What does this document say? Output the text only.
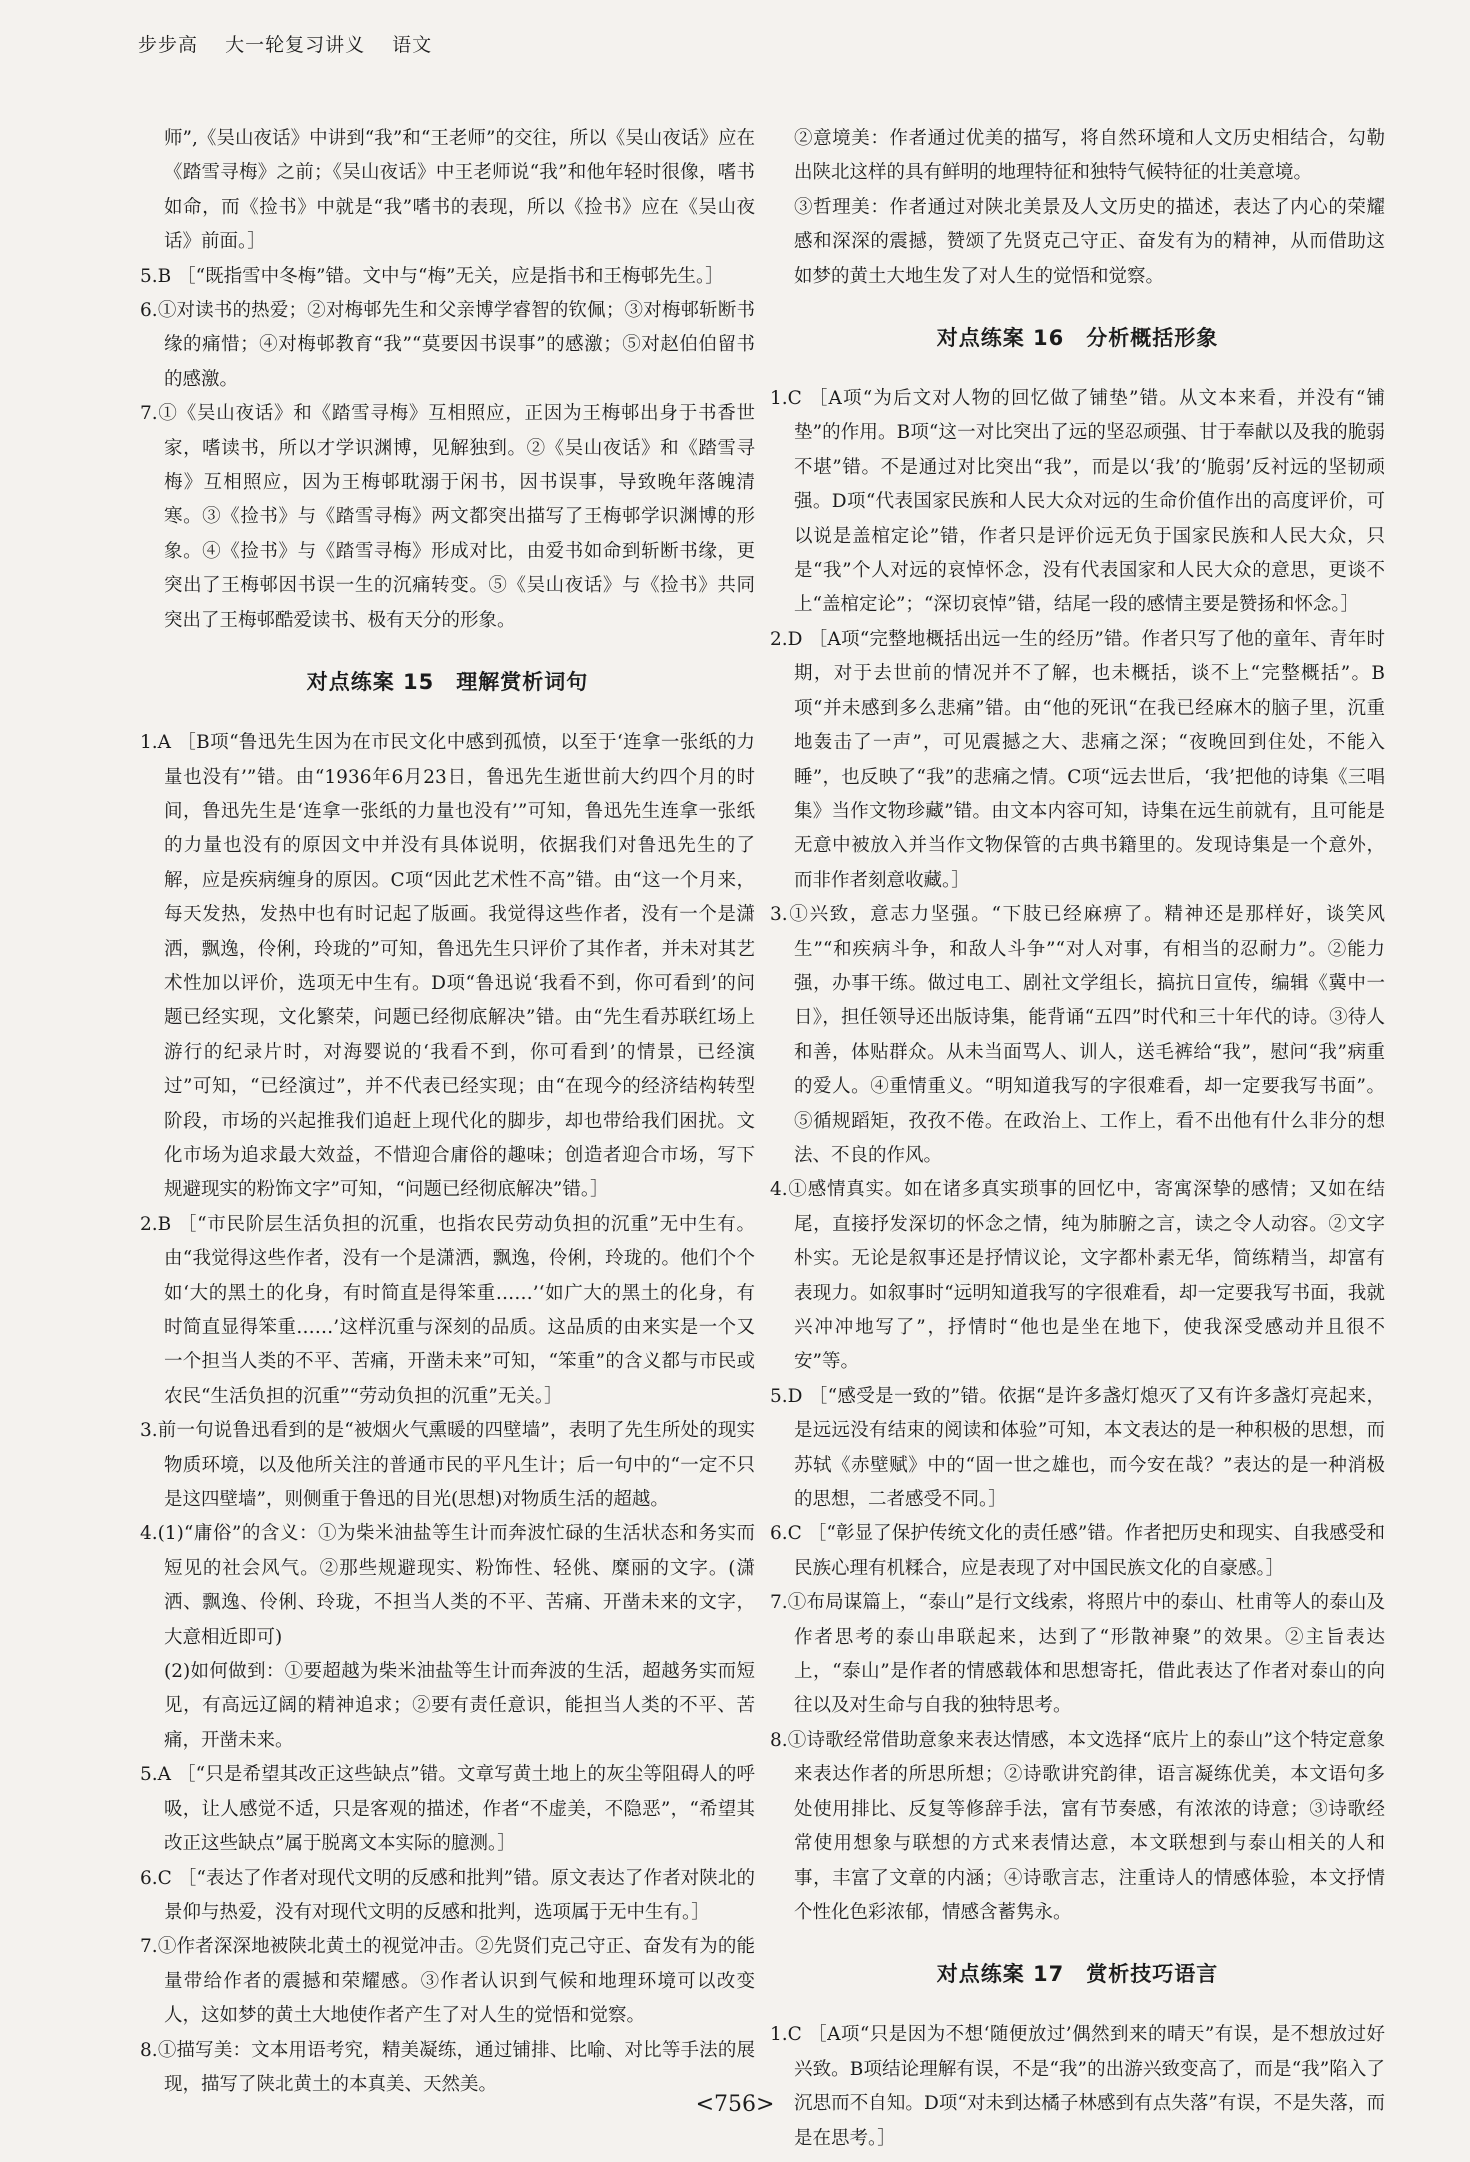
步步高 大一轮复习讲义 语文

师”,《吴山夜话》中讲到“我”和“王老师”的交往，所以《吴山夜话》应在《踏雪寻梅》之前；《吴山夜话》中王老师说“我”和他年轻时很像，嗜书如命，而《捡书》中就是“我”嗜书的表现，所以《捡书》应在《吴山夜话》前面。］

5.B ［“既指雪中冬梅”错。文中与“梅”无关，应是指书和王梅邨先生。］

6.①对读书的热爱；②对梅邨先生和父亲博学睿智的钦佩；③对梅邨斩断书缘的痛惜；④对梅邨教育“我”“莫要因书误事”的感激；⑤对赵伯伯留书的感激。

7.①《吴山夜话》和《踏雪寻梅》互相照应，正因为王梅邨出身于书香世家，嗜读书，所以才学识渊博，见解独到。②《吴山夜话》和《踏雪寻梅》互相照应，因为王梅邨耽溺于闲书，因书误事，导致晚年落魄清寒。③《捡书》与《踏雪寻梅》两文都突出描写了王梅邨学识渊博的形象。④《捡书》与《踏雪寻梅》形成对比，由爱书如命到斩断书缘，更突出了王梅邨因书误一生的沉痛转变。⑤《吴山夜话》与《捡书》共同突出了王梅邨酷爱读书、极有天分的形象。

对点练案 15　理解赏析词句

1.A ［B项“鲁迅先生因为在市民文化中感到孤愤，以至于‘连拿一张纸的力量也没有’”错。由“1936年6月23日，鲁迅先生逝世前大约四个月的时间，鲁迅先生是‘连拿一张纸的力量也没有’”可知，鲁迅先生连拿一张纸的力量也没有的原因文中并没有具体说明，依据我们对鲁迅先生的了解，应是疾病缠身的原因。C项“因此艺术性不高”错。由“这一个月来，每天发热，发热中也有时记起了版画。我觉得这些作者，没有一个是潇洒，飘逸，伶俐，玲珑的”可知，鲁迅先生只评价了其作者，并未对其艺术性加以评价，选项无中生有。D项“鲁迅说‘我看不到，你可看到’的问题已经实现，文化繁荣，问题已经彻底解决”错。由“先生看苏联红场上游行的纪录片时，对海婴说的‘我看不到，你可看到’的情景，已经演过”可知，“已经演过”，并不代表已经实现；由“在现今的经济结构转型阶段，市场的兴起推我们追赶上现代化的脚步，却也带给我们困扰。文化市场为追求最大效益，不惜迎合庸俗的趣味；创造者迎合市场，写下规避现实的粉饰文字”可知，“问题已经彻底解决”错。］

2.B ［“市民阶层生活负担的沉重，也指农民劳动负担的沉重”无中生有。由“我觉得这些作者，没有一个是潇洒，飘逸，伶俐，玲珑的。他们个个如‘大的黑土的化身，有时简直是得笨重……’‘如广大的黑土的化身，有时简直显得笨重……’这样沉重与深刻的品质。这品质的由来实是一个又一个担当人类的不平、苦痛，开凿未来”可知，“笨重”的含义都与市民或农民“生活负担的沉重”“劳动负担的沉重”无关。］

3.前一句说鲁迅看到的是“被烟火气熏暖的四壁墙”，表明了先生所处的现实物质环境，以及他所关注的普通市民的平凡生计；后一句中的“一定不只是这四壁墙”，则侧重于鲁迅的目光(思想)对物质生活的超越。

4.(1)“庸俗”的含义：①为柴米油盐等生计而奔波忙碌的生活状态和务实而短见的社会风气。②那些规避现实、粉饰性、轻佻、糜丽的文字。(潇洒、飘逸、伶俐、玲珑，不担当人类的不平、苦痛、开凿未来的文字，大意相近即可)

(2)如何做到：①要超越为柴米油盐等生计而奔波的生活，超越务实而短见，有高远辽阔的精神追求；②要有责任意识，能担当人类的不平、苦痛，开凿未来。

5.A ［“只是希望其改正这些缺点”错。文章写黄土地上的灰尘等阻碍人的呼吸，让人感觉不适，只是客观的描述，作者“不虚美，不隐恶”，“希望其改正这些缺点”属于脱离文本实际的臆测。］

6.C ［“表达了作者对现代文明的反感和批判”错。原文表达了作者对陕北的景仰与热爱，没有对现代文明的反感和批判，选项属于无中生有。］

7.①作者深深地被陕北黄土的视觉冲击。②先贤们克己守正、奋发有为的能量带给作者的震撼和荣耀感。③作者认识到气候和地理环境可以改变人，这如梦的黄土大地使作者产生了对人生的觉悟和觉察。

8.①描写美：文本用语考究，精美凝练，通过铺排、比喻、对比等手法的展现，描写了陕北黄土的本真美、天然美。

②意境美：作者通过优美的描写，将自然环境和人文历史相结合，勾勒出陕北这样的具有鲜明的地理特征和独特气候特征的壮美意境。

③哲理美：作者通过对陕北美景及人文历史的描述，表达了内心的荣耀感和深深的震撼，赞颂了先贤克己守正、奋发有为的精神，从而借助这如梦的黄土大地生发了对人生的觉悟和觉察。

对点练案 16　分析概括形象

1.C ［A项“为后文对人物的回忆做了铺垫”错。从文本来看，并没有“铺垫”的作用。B项“这一对比突出了远的坚忍顽强、甘于奉献以及我的脆弱不堪”错。不是通过对比突出“我”，而是以‘我’的‘脆弱’反衬远的坚韧顽强。D项“代表国家民族和人民大众对远的生命价值作出的高度评价，可以说是盖棺定论”错，作者只是评价远无负于国家民族和人民大众，只是“我”个人对远的哀悼怀念，没有代表国家和人民大众的意思，更谈不上“盖棺定论”；“深切哀悼”错，结尾一段的感情主要是赞扬和怀念。］

2.D ［A项“完整地概括出远一生的经历”错。作者只写了他的童年、青年时期，对于去世前的情况并不了解，也未概括，谈不上“完整概括”。B项“并未感到多么悲痛”错。由“他的死讯“在我已经麻木的脑子里，沉重地轰击了一声”，可见震撼之大、悲痛之深；“夜晚回到住处，不能入睡”，也反映了“我”的悲痛之情。C项“远去世后，‘我’把他的诗集《三唱集》当作文物珍藏”错。由文本内容可知，诗集在远生前就有，且可能是无意中被放入并当作文物保管的古典书籍里的。发现诗集是一个意外，而非作者刻意收藏。］

3.①兴致，意志力坚强。“下肢已经麻痹了。精神还是那样好，谈笑风生”“和疾病斗争，和敌人斗争”“对人对事，有相当的忍耐力”。②能力强，办事干练。做过电工、剧社文学组长，搞抗日宣传，编辑《冀中一日》，担任领导还出版诗集，能背诵“五四”时代和三十年代的诗。③待人和善，体贴群众。从未当面骂人、训人，送毛裤给“我”，慰问“我”病重的爱人。④重情重义。“明知道我写的字很难看，却一定要我写书面”。⑤循规蹈矩，孜孜不倦。在政治上、工作上，看不出他有什么非分的想法、不良的作风。

4.①感情真实。如在诸多真实琐事的回忆中，寄寓深挚的感情；又如在结尾，直接抒发深切的怀念之情，纯为肺腑之言，读之令人动容。②文字朴实。无论是叙事还是抒情议论，文字都朴素无华，简练精当，却富有表现力。如叙事时“远明知道我写的字很难看，却一定要我写书面，我就兴冲冲地写了”，抒情时“他也是坐在地下，使我深受感动并且很不安”等。

5.D ［“感受是一致的”错。依据“是许多盏灯熄灭了又有许多盏灯亮起来，是远远没有结束的阅读和体验”可知，本文表达的是一种积极的思想，而苏轼《赤壁赋》中的“固一世之雄也，而今安在哉？”表达的是一种消极的思想，二者感受不同。］

6.C ［“彰显了保护传统文化的责任感”错。作者把历史和现实、自我感受和民族心理有机糅合，应是表现了对中国民族文化的自豪感。］

7.①布局谋篇上，“泰山”是行文线索，将照片中的泰山、杜甫等人的泰山及作者思考的泰山串联起来，达到了“形散神聚”的效果。②主旨表达上，“泰山”是作者的情感载体和思想寄托，借此表达了作者对泰山的向往以及对生命与自我的独特思考。

8.①诗歌经常借助意象来表达情感，本文选择“底片上的泰山”这个特定意象来表达作者的所思所想；②诗歌讲究韵律，语言凝练优美，本文语句多处使用排比、反复等修辞手法，富有节奏感，有浓浓的诗意；③诗歌经常使用想象与联想的方式来表情达意，本文联想到与泰山相关的人和事，丰富了文章的内涵；④诗歌言志，注重诗人的情感体验，本文抒情个性化色彩浓郁，情感含蓄隽永。

对点练案 17　赏析技巧语言

1.C ［A项“只是因为不想‘随便放过’偶然到来的晴天”有误，是不想放过好兴致。B项结论理解有误，不是“我”的出游兴致变高了，而是“我”陷入了沉思而不自知。D项“对未到达橘子林感到有点失落”有误，不是失落，而是在思考。］

<756>
